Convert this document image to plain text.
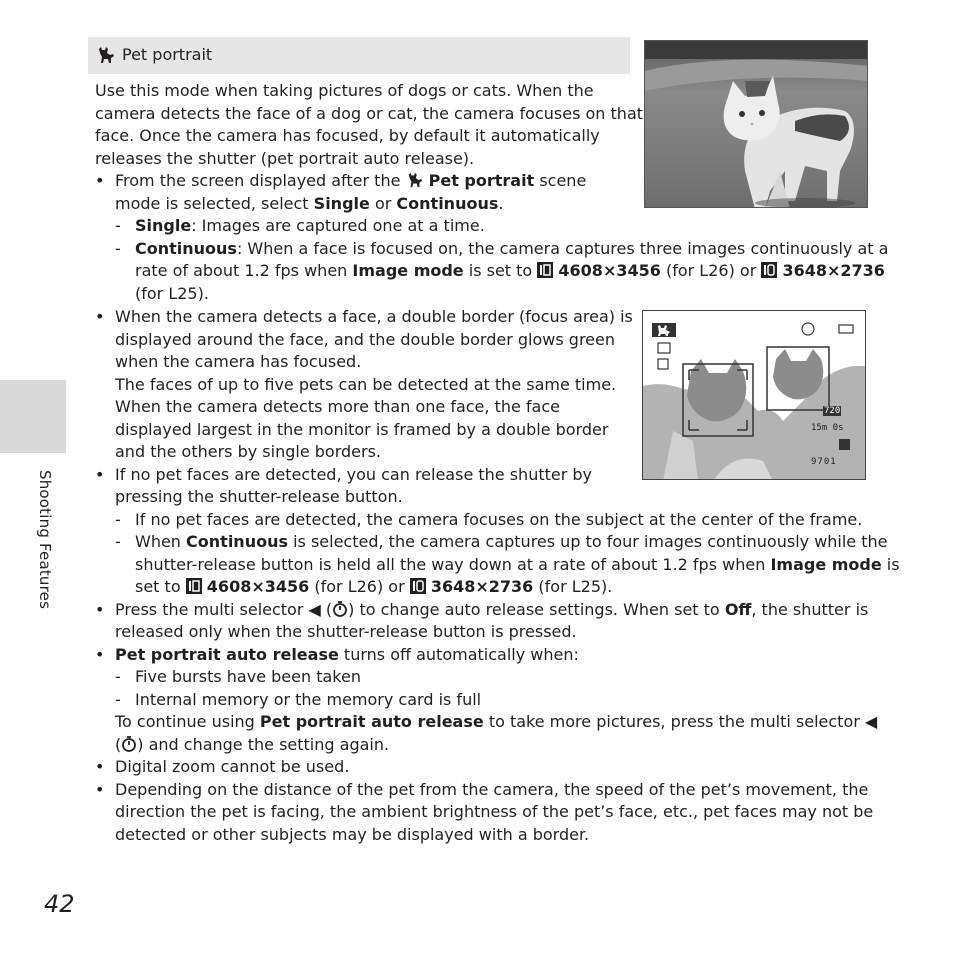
Shooting Features
42
Pet portrait
Use this mode when taking pictures of dogs or cats. When the
camera detects the face of a dog or cat, the camera focuses on that
face. Once the camera has focused, by default it automatically
releases the shutter (pet portrait auto release).
• From the screen displayed after the Pet portrait scene
mode is selected, select Single or Continuous.
- Single: Images are captured one at a time.
- Continuous: When a face is focused on, the camera captures three images continuously at a
rate of about 1.2 fps when Image mode is set to 4608×3456 (for L26) or 3648×2736
(for L25).
720
15m 0s
9701
• When the camera detects a face, a double border (focus area) is
displayed around the face, and the double border glows green
when the camera has focused.
The faces of up to five pets can be detected at the same time.
When the camera detects more than one face, the face
displayed largest in the monitor is framed by a double border
and the others by single borders.
• If no pet faces are detected, you can release the shutter by
pressing the shutter-release button.
- If no pet faces are detected, the camera focuses on the subject at the center of the frame.
- When Continuous is selected, the camera captures up to four images continuously while the
shutter-release button is held all the way down at a rate of about 1.2 fps when Image mode is
set to 4608×3456 (for L26) or 3648×2736 (for L25).
• Press the multi selector ◀ ( ) to change auto release settings. When set to Off, the shutter is
released only when the shutter-release button is pressed.
• Pet portrait auto release turns off automatically when:
- Five bursts have been taken
- Internal memory or the memory card is full
To continue using Pet portrait auto release to take more pictures, press the multi selector ◀
( ) and change the setting again.
• Digital zoom cannot be used.
• Depending on the distance of the pet from the camera, the speed of the pet’s movement, the
direction the pet is facing, the ambient brightness of the pet’s face, etc., pet faces may not be
detected or other subjects may be displayed with a border.
